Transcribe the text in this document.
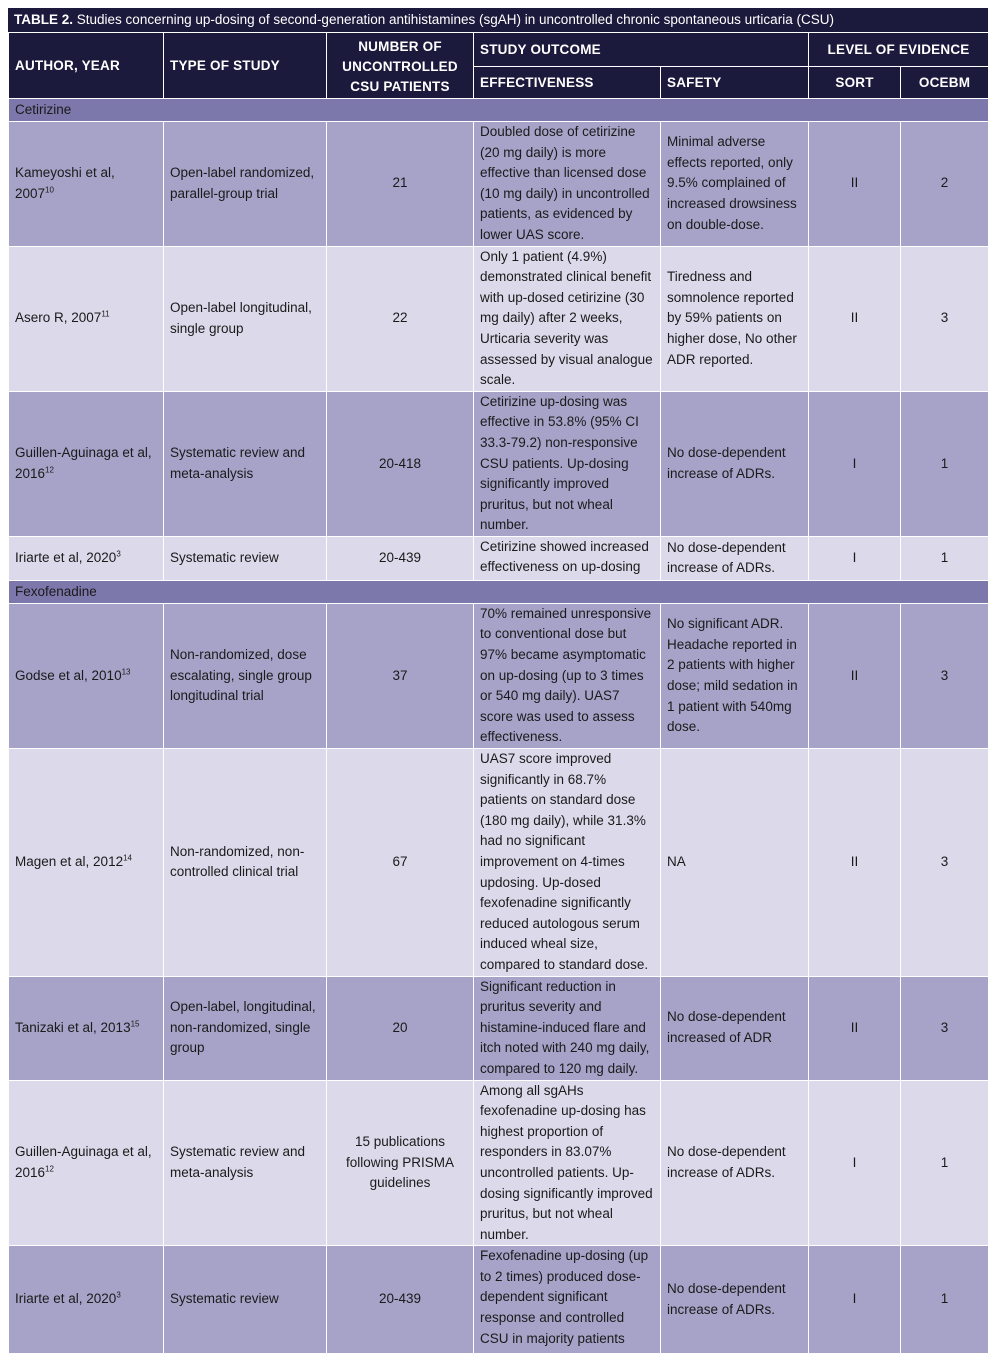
TABLE 2. Studies concerning up-dosing of second-generation antihistamines (sgAH) in uncontrolled chronic spontaneous urticaria (CSU)
AUTHOR, YEAR	TYPE OF STUDY	NUMBER OF UNCONTROLLED CSU PATIENTS	STUDY OUTCOME		LEVEL OF EVIDENCE	
			EFFECTIVENESS	SAFETY	SORT	OCEBM
Cetirizine						
Kameyoshi et al, 2007$^{10}$	Open-label randomized, parallel-group trial	21	Doubled dose of cetirizine (20 mg daily) is more effective than licensed dose (10 mg daily) in uncontrolled patients, as evidenced by lower UAS score.	Minimal adverse effects reported, only 9.5% complained of increased drowsiness on double-dose.	II	2
Asero R, 2007$^{11}$	Open-label longitudinal, single group	22	Only 1 patient (4.9%) demonstrated clinical benefit with up-dosed cetirizine (30 mg daily) after 2 weeks, Urticaria severity was assessed by visual analogue scale.	Tiredness and somnolence reported by 59% patients on higher dose, No other ADR reported.	II	3
Guillen-Aguinaga et al, 2016$^{12}$	Systematic review and meta-analysis	20-418	Cetirizine up-dosing was effective in 53.8% (95% CI 33.3-79.2) non-responsive CSU patients. Up-dosing significantly improved pruritus, but not wheal number.	No dose-dependent increase of ADRs.	I	1
Iriarte et al, 2020$^3$	Systematic review	20-439	Cetirizine showed increased effectiveness on up-dosing	No dose-dependent increase of ADRs.	I	1
Fexofenadine						
Godse et al, 2010$^{13}$	Non-randomized, dose escalating, single group longitudinal trial	37	70% remained unresponsive to conventional dose but 97% became asymptomatic on up-dosing (up to 3 times or 540 mg daily). UAS7 score was used to assess effectiveness.	No significant ADR. Headache reported in 2 patients with higher dose; mild sedation in 1 patient with 540mg dose.	II	3
Magen et al, 2012$^{14}$	Non-randomized, non-controlled clinical trial	67	UAS7 score improved significantly in 68.7% patients on standard dose (180 mg daily), while 31.3% had no significant improvement on 4-times updosing. Up-dosed fexofenadine significantly reduced autologous serum induced wheal size, compared to standard dose.	NA	II	3
Tanizaki et al, 2013$^{15}$	Open-label, longitudinal, non-randomized, single group	20	Significant reduction in pruritus severity and histamine-induced flare and itch noted with 240 mg daily, compared to 120 mg daily.	No dose-dependent increased of ADR	II	3
Guillen-Aguinaga et al, 2016$^{12}$	Systematic review and meta-analysis	15 publications following PRISMA guidelines	Among all sgAHs fexofenadine up-dosing has highest proportion of responders in 83.07% uncontrolled patients. Up-dosing significantly improved pruritus, but not wheal number.	No dose-dependent increase of ADRs.	I	1
Iriarte et al, 2020$^3$	Systematic review	20-439	Fexofenadine up-dosing (up to 2 times) produced dose-dependent significant response and controlled CSU in majority patients	No dose-dependent increase of ADRs.	I	1
